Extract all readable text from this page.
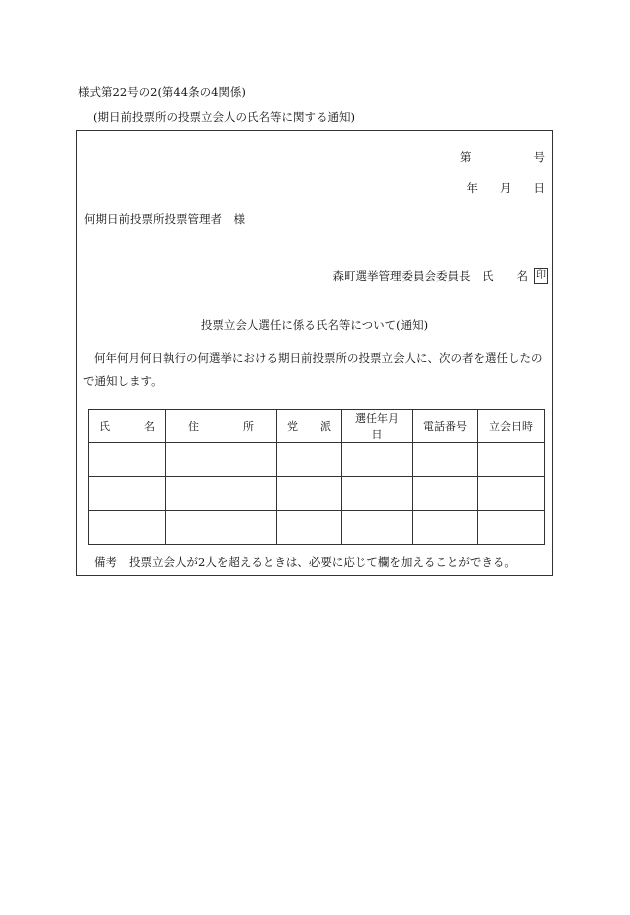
様式第22号の2(第44条の4関係)
(期日前投票所の投票立会人の氏名等に関する通知)
第	号
年 月 日
何期日前投票所投票管理者　様
森町選挙管理委員会委員長　氏　　名 印
投票立会人選任に係る氏名等について(通知)
何年何月何日執行の何選挙における期日前投票所の投票立会人に、次の者を選任したので通知します。
氏 名	住 所	党 派	選任年月日	電話番号	立会日時

備考 投票立会人が2人を超えるときは、必要に応じて欄を加えることができる。
